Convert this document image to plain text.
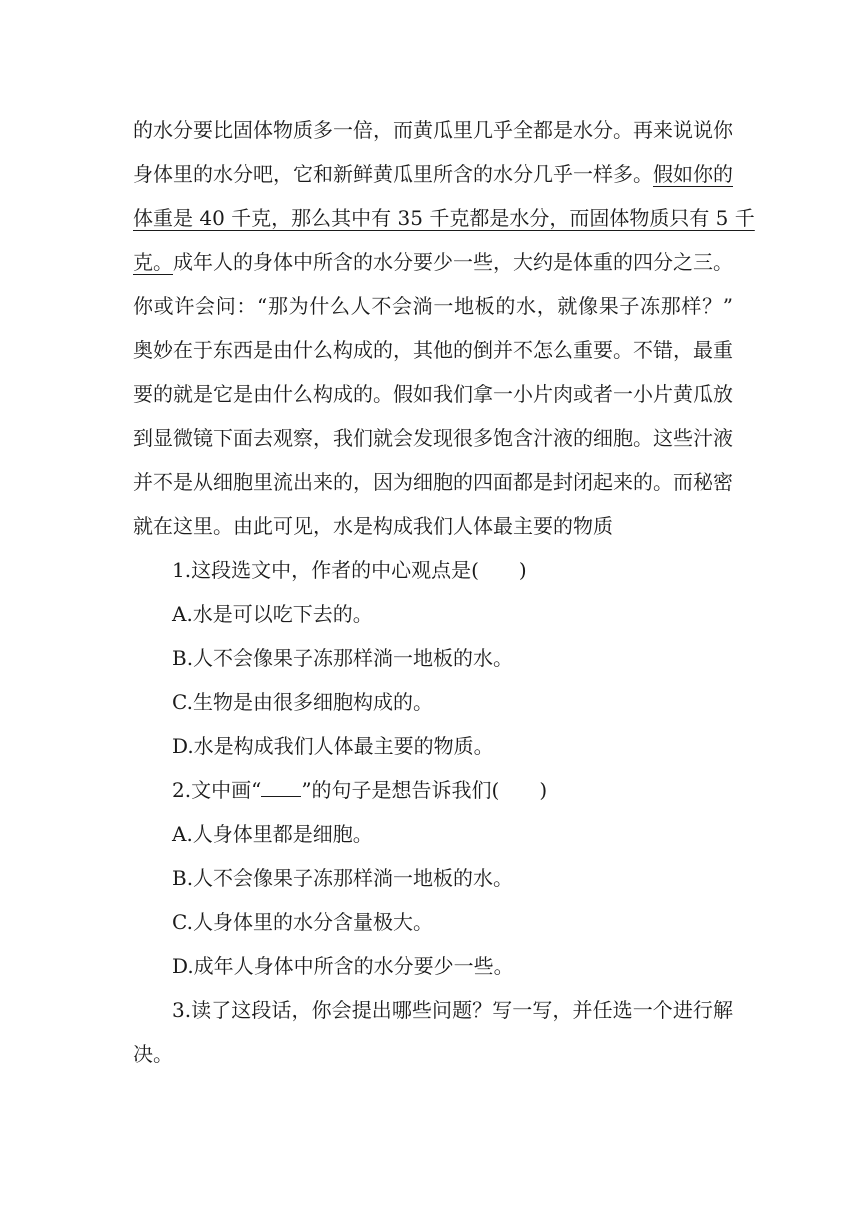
的水分要比固体物质多一倍，而黄瓜里几乎全都是水分。再来说说你
身体里的水分吧，它和新鲜黄瓜里所含的水分几乎一样多。假如你的
体重是 40 千克，那么其中有 35 千克都是水分，而固体物质只有 5 千
克。成年人的身体中所含的水分要少一些，大约是体重的四分之三。
你或许会问：“那为什么人不会淌一地板的水，就像果子冻那样？”
奥妙在于东西是由什么构成的，其他的倒并不怎么重要。不错，最重
要的就是它是由什么构成的。假如我们拿一小片肉或者一小片黄瓜放
到显微镜下面去观察，我们就会发现很多饱含汁液的细胞。这些汁液
并不是从细胞里流出来的，因为细胞的四面都是封闭起来的。而秘密
就在这里。由此可见，水是构成我们人体最主要的物质
1.这段选文中，作者的中心观点是(　　)
A.水是可以吃下去的。
B.人不会像果子冻那样淌一地板的水。
C.生物是由很多细胞构成的。
D.水是构成我们人体最主要的物质。
2.文中画“ ”的句子是想告诉我们(　　)
A.人身体里都是细胞。
B.人不会像果子冻那样淌一地板的水。
C.人身体里的水分含量极大。
D.成年人身体中所含的水分要少一些。
3.读了这段话，你会提出哪些问题？写一写，并任选一个进行解
决。
